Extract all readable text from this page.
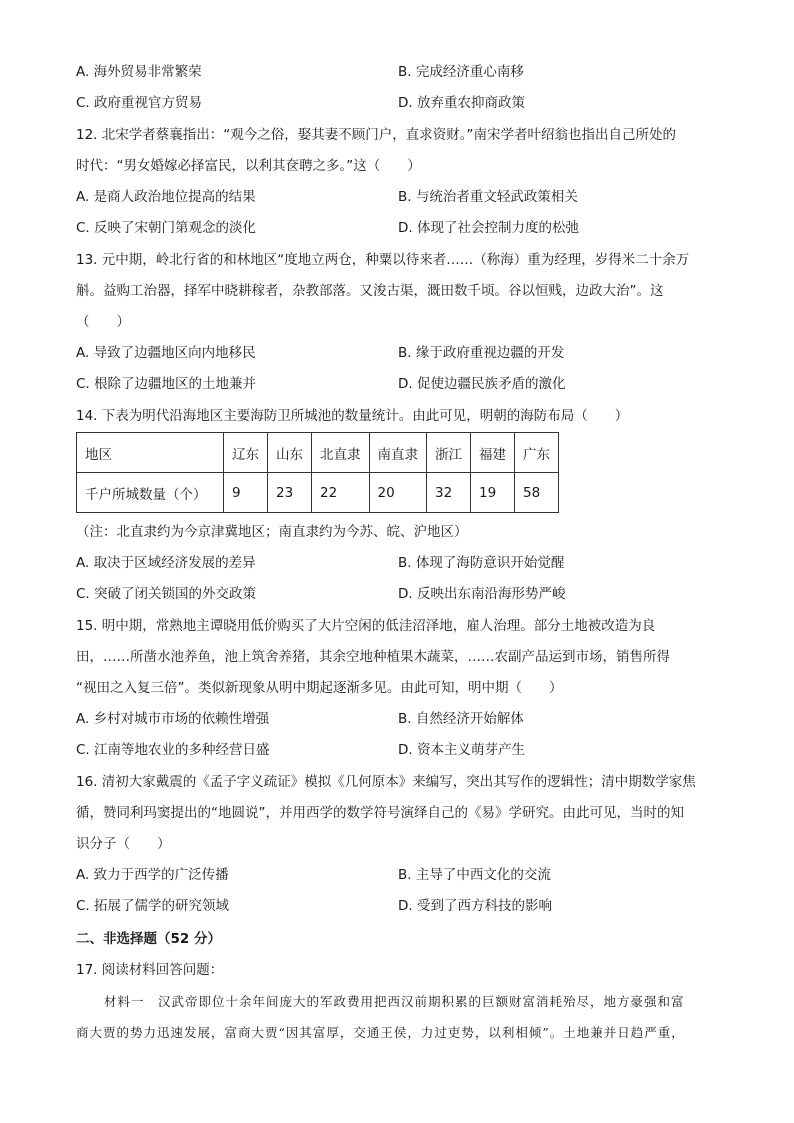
A. 海外贸易非常繁荣	B. 完成经济重心南移
C. 政府重视官方贸易	D. 放弃重农抑商政策
12. 北宋学者蔡襄指出：“观今之俗，娶其妻不顾门户，直求资财。”南宋学者叶绍翁也指出自己所处的
时代：“男女婚嫁必择富民，以利其奁聘之多。”这（　　）
A. 是商人政治地位提高的结果	B. 与统治者重文轻武政策相关
C. 反映了宋朝门第观念的淡化	D. 体现了社会控制力度的松弛
13. 元中期，岭北行省的和林地区“度地立两仓，种粟以待来者……（称海）重为经理，岁得米二十余万
斛。益购工治器，择军中晓耕稼者，杂教部落。又浚古渠，溉田数千顷。谷以恒贱，边政大治”。这
（　　）
A. 导致了边疆地区向内地移民	B. 缘于政府重视边疆的开发
C. 根除了边疆地区的土地兼并	D. 促使边疆民族矛盾的激化
14. 下表为明代沿海地区主要海防卫所城池的数量统计。由此可见，明朝的海防布局（　　）
地区	辽东	山东	北直隶	南直隶	浙江	福建	广东
千户所城数量（个）	9	23	22	20	32	19	58
（注：北直隶约为今京津冀地区；南直隶约为今苏、皖、沪地区）
A. 取决于区域经济发展的差异	B. 体现了海防意识开始觉醒
C. 突破了闭关锁国的外交政策	D. 反映出东南沿海形势严峻
15. 明中期，常熟地主谭晓用低价购买了大片空闲的低洼沼泽地，雇人治理。部分土地被改造为良
田，……所凿水池养鱼，池上筑舍养猪，其余空地种植果木蔬菜，……农副产品运到市场，销售所得
“视田之入复三倍”。类似新现象从明中期起逐渐多见。由此可知，明中期（　　）
A. 乡村对城市市场的依赖性增强	B. 自然经济开始解体
C. 江南等地农业的多种经营日盛	D. 资本主义萌芽产生
16. 清初大家戴震的《孟子字义疏证》模拟《几何原本》来编写，突出其写作的逻辑性；清中期数学家焦
循，赞同利玛窦提出的“地圆说”，并用西学的数学符号演绎自己的《易》学研究。由此可见，当时的知
识分子（　　）
A. 致力于西学的广泛传播	B. 主导了中西文化的交流
C. 拓展了儒学的研究领域	D. 受到了西方科技的影响
二、非选择题（52 分）
17. 阅读材料回答问题：
材料一　汉武帝即位十余年间庞大的军政费用把西汉前期积累的巨额财富消耗殆尽，地方豪强和富
商大贾的势力迅速发展，富商大贾“因其富厚，交通王侯，力过吏势，以利相倾”。土地兼并日趋严重，
